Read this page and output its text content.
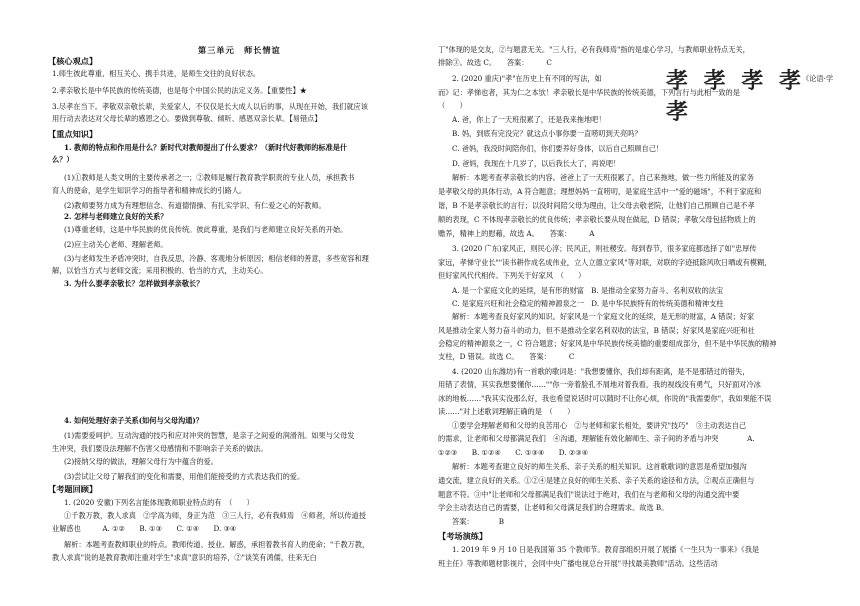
第三单元　师长情谊
【核心观点】
1.师生彼此尊重、相互关心、携手共进，是师生交往的良好状态。
2.孝亲敬长是中华民族的传统美德，也是每个中国公民的法定义务。【重要性】★
3.尽孝在当下。孝敬双亲敬长辈，关爱家人，不仅仅是长大成人以后的事，从现在开始，我们就应该
用行动去表达对父母长辈的感恩之心。要做到尊敬、倾听、感恩双亲长辈。【易错点】
【重点知识】
1. 教师的特点和作用是什么？新时代对教师提出了什么要求？（新时代好教师的标准是什
么？）
(1)①教师是人类文明的主要传承者之一；②教师是履行教育教学职责的专业人员，承担教书
育人的使命，是学生知识学习的指导者和精神成长的引路人。
(2)教师要努力成为有理想信念、有道德情操、有扎实学识、有仁爱之心的好教师。
2. 怎样与老师建立良好的关系？
(1)尊重老师，这是中华民族的优良传统。彼此尊重，是我们与老师建立良好关系的开始。
(2)应主动关心老师、理解老师。
(3)与老师发生矛盾冲突时，自我反思，冷静、客观地分析原因；相信老师的善意，多些宽容和理
解，以恰当方式与老师交流；采用积极的、恰当的方式，主动关心。
3. 为什么要孝亲敬长？怎样做到孝亲敬长？
4. 如何处理好亲子关系(如何与父母沟通)？
(1)需要爱呵护。互动沟通的技巧和应对冲突的智慧，是亲子之间爱的润滑剂。如果与父母发
生冲突，我们要设法理解不伤害父母感情和不影响亲子关系的做法。
(2)接纳父母的做法，理解父母行为中蕴含的爱。
(3)尝试让父母了解我们的变化和需要，用他们能接受的方式表达我们的爱。
【考题回顾】
1. (2020 安徽)下列名言能体现教师职业特点的有　（　　）
①千教万教，教人求真　②学高为师，身正为范　③三人行，必有我师焉　④师者，所以传道授
业解惑也　　　A. ①②　　B. ①③　　C. ①④　　D. ③④
解析：本题考查教师职业的特点。教师传道、授业、解惑，承担着教书育人的使命；"千教万教，
教人求真"说的是教育教师注重对学生"求真"意识的培养，②"谈笑有鸿儒，往来无白
丁"体现的是交友，②与题意无关。"三人行，必有我师焉"指的是虚心学习，与教师职业特点无关，
排除③。故选 C。　　答案：　　　C
2. (2020 重庆)"孝"在历史上有不同的写法，如	孝 孝 孝 孝 孝
《论语·学
而》记：孝悌也者，其为仁之本欤！孝亲敬长是中华民族的传统美德，下列言行与此相一致的是
（　　）
A. 爸，你上了一天班很累了，还是我来拖地吧！
B. 妈，到底有完没完？就这点小事你要一直唠叨到天亮吗？
C. 爸妈，我没时间陪你们，你们要养好身体，以后自己照顾自己！
D. 爸妈，我现在十几岁了，以后我长大了，再说吧！
解析：本题考查孝亲敬长的内容。爸爸上了一天班很累了，自己来拖地，做一些力所能及的家务
是孝敬父母的具体行动，A 符合题意；理想妈妈一直唠叨，是家庭生活中一"爱的磁场"，不利于家庭和
谐，B 不是孝亲敬长的言行；以没时间陪父母为理由，让父母去敬老院，让他们自己照顾自己是不孝
顺的表现，C 不体现孝亲敬长的优良传统；孝亲敬长要从现在做起，D 错误；孝敬父母包括物质上的
赡养，精神上的慰藉，故选 A。　　答案：　　　A
3. (2020 广东)家风正，则民心淳；民风正，则社稷安。每到春节，很多家庭都选择了如"忠厚传
家远，孝悌守业长""读书耕作成名成伟业，立人立德立家风"等对联，对联的字迹抵除风吹日晒或有模糊，
但好家风代代相传。下列关于好家风　（　　）
A. 是一个家庭文化的延续，是有形的财富　B. 是推动全家努力奋斗、名利双收的法宝
C. 是家庭兴旺和社会稳定的精神源泉之一　D. 是中华民族特有的传统美德和精神支柱
解析：本题考查良好家风的知识。好家风是一个家庭文化的延续，是无形的财富，A 错误；好家
风是推动全家人努力奋斗的动力，但不是推动全家名利双收的法宝，B 错误；好家风是家庭兴旺和社
会稳定的精神源泉之一，C 符合题意；好家风是中华民族传统美德的重要组成部分，但不是中华民族的精神
支柱，D 错误。故选 C。　　答案：　　　C
4. (2020 山东潍坊)有一首歌的歌词是："我想要懂你，我们却有距离，是不是那错过的错失，
用错了表情，其实我想要懂你……""你一旁着脸孔不屑地对着我看，我的视线没有勇气，只好面对冷冰
冰的地板……"我其实没那么好，我也希望说话时可以随时不让你心烦，你说的"我需要你"，我如果能不误
读……"对上述歌词理解正确的是　（　　）
①要学会理解老师和父母的良苦用心　②与老师和家长相处，要讲究"技巧"　③主动表达自己
的需求，让老师和父母都满足我们　④沟通，理解能有效化解师生、亲子间的矛盾与冲突　　　　A.
①②③　　B. ①②④　　C. ①③④　　D. ②③④
解析：本题考查建立良好的师生关系、亲子关系的相关知识。这首歌歌词的意思是希望加强沟
通交流，建立良好的关系。①②④是建立良好的师生关系、亲子关系的途径和方法，②观点正确但与
题意不符。③中"让老师和父母都满足我们"说法过于绝对，我们在与老师和父母的沟通交流中要
学会主动表达自己的需要，让老师和父母满足我们的合理需求。故选 B。
答案：　　　　B
【考场演练】
1. 2019 年 9 月 10 日是我国第 35 个教师节。教育部组织开展了展播《一生只为一事来》《我是
班主任》等教师题材影视片，会同中央广播电视总台开展"寻找最美教师"活动。这些活动
